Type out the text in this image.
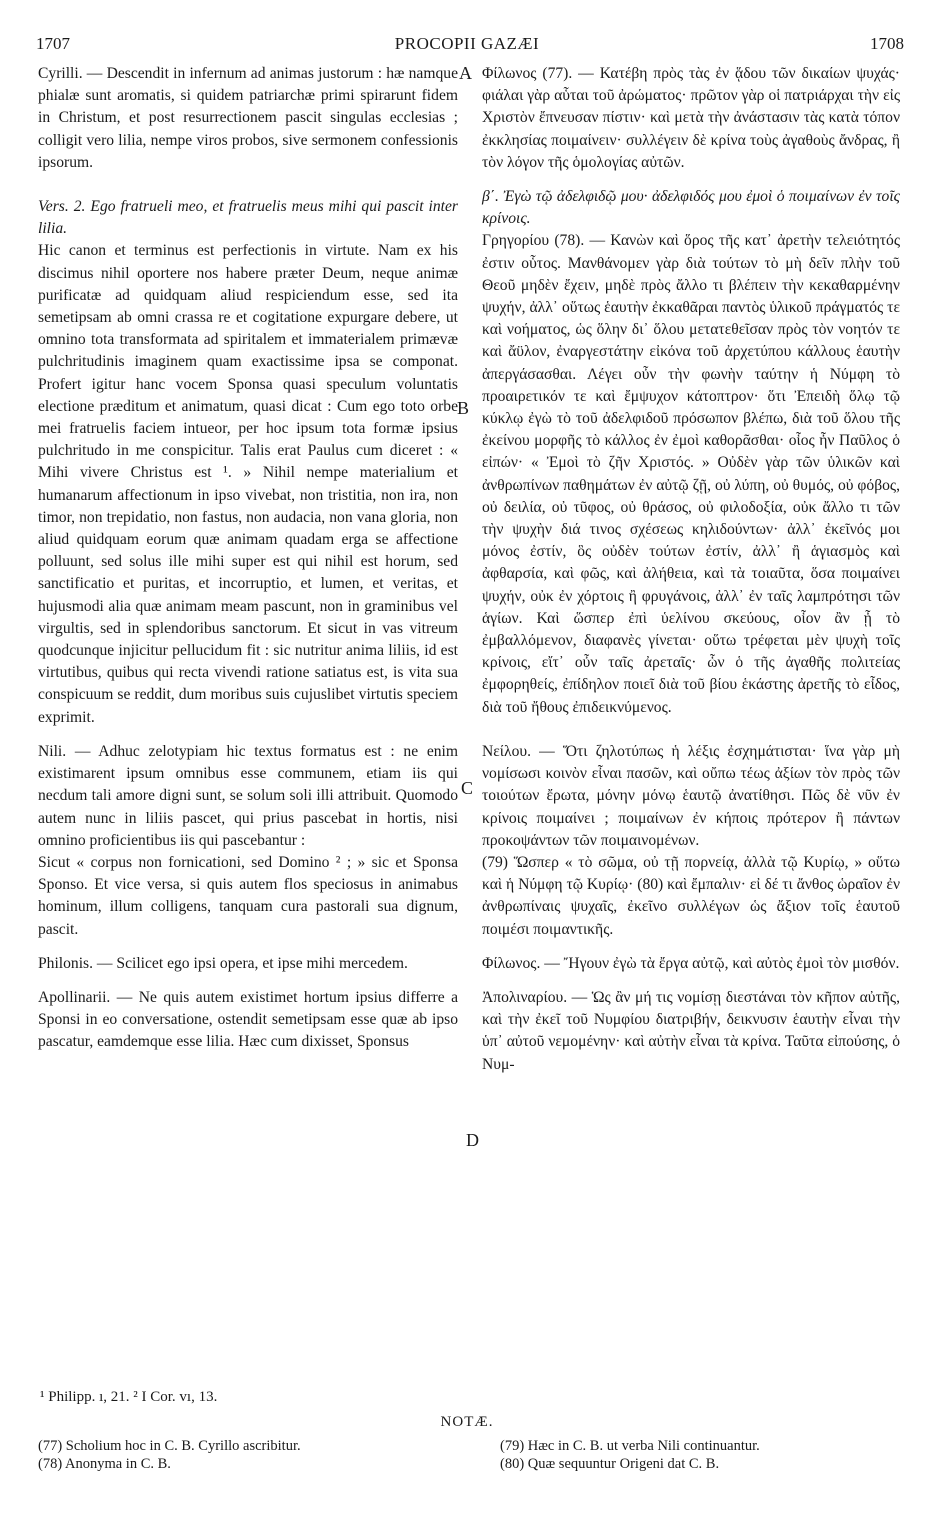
1707	PROCOPII GAZÆI	1708
A
B
C
D

Cyrilli. — Descendit in infernum ad animas justorum : hæ namque phialæ sunt aromatis, si quidem patriarchæ primi spirarunt fidem in Christum, et post resurrectionem pascit singulas ecclesias ; colligit vero lilia, nempe viros probos, sive sermonem confessionis ipsorum.

Vers. 2. Ego fratrueli meo, et fratruelis meus mihi qui pascit inter lilia.

Hic canon et terminus est perfectionis in virtute. Nam ex his discimus nihil oportere nos habere præter Deum, neque animæ purificatæ ad quidquam aliud respiciendum esse, sed ita semetipsam ab omni crassa re et cogitatione expurgare debere, ut omnino tota transformata ad spiritalem et immaterialem primævæ pulchritudinis imaginem quam exactissime ipsa se componat. Profert igitur hanc vocem Sponsa quasi speculum voluntatis electione præditum et animatum, quasi dicat : Cum ego toto orbe mei fratruelis faciem intueor, per hoc ipsum tota formæ ipsius pulchritudo in me conspicitur. Talis erat Paulus cum diceret : « Mihi vivere Christus est ¹. » Nihil nempe materialium et humanarum affectionum in ipso vivebat, non tristitia, non ira, non timor, non trepidatio, non fastus, non audacia, non vana gloria, non aliud quidquam eorum quæ animam quadam erga se affectione polluunt, sed solus ille mihi super est qui nihil est horum, sed sanctificatio et puritas, et incorruptio, et lumen, et veritas, et hujusmodi alia quæ animam meam pascunt, non in graminibus vel virgultis, sed in splendoribus sanctorum. Et sicut in vas vitreum quodcunque injicitur pellucidum fit : sic nutritur anima liliis, id est virtutibus, quibus qui recta vivendi ratione satiatus est, is vita sua conspicuum se reddit, dum moribus suis cujuslibet virtutis speciem exprimit.

Nili. — Adhuc zelotypiam hic textus formatus est : ne enim existimarent ipsum omnibus esse communem, etiam iis qui necdum tali amore digni sunt, se solum soli illi attribuit. Quomodo autem nunc in liliis pascet, qui prius pascebat in hortis, nisi omnino proficientibus iis qui pascebantur :

Sicut « corpus non fornicationi, sed Domino ² ; » sic et Sponsa Sponso. Et vice versa, si quis autem flos speciosus in animabus hominum, illum colligens, tanquam cura pastorali sua dignum, pascit.

Philonis. — Scilicet ego ipsi opera, et ipse mihi mercedem.

Apollinarii. — Ne quis autem existimet hortum ipsius differre a Sponsi in eo conversatione, ostendit semetipsam esse quæ ab ipso pascatur, eamdemque esse lilia. Hæc cum dixisset, Sponsus

Φίλωνος (77). — Κατέβη πρὸς τὰς ἐν ᾅδου τῶν δικαίων ψυχάς· φιάλαι γὰρ αὗται τοῦ ἀρώματος· πρῶτον γὰρ οἱ πατριάρχαι τὴν εἰς Χριστὸν ἔπνευσαν πίστιν· καὶ μετὰ τὴν ἀνάστασιν τὰς κατὰ τόπον ἐκκλησίας ποιμαίνειν· συλλέγειν δὲ κρίνα τοὺς ἀγαθοὺς ἄνδρας, ἢ τὸν λόγον τῆς ὁμολογίας αὐτῶν.

β΄. Ἐγὼ τῷ ἀδελφιδῷ μου· ἀδελφιδός μου ἐμοὶ ὁ ποιμαίνων ἐν τοῖς κρίνοις.

Γρηγορίου (78). — Κανὼν καὶ ὅρος τῆς κατ᾽ ἀρετὴν τελειότητός ἐστιν οὗτος. Μανθάνομεν γὰρ διὰ τούτων τὸ μὴ δεῖν πλὴν τοῦ Θεοῦ μηδὲν ἔχειν, μηδὲ πρὸς ἄλλο τι βλέπειν τὴν κεκαθαρμένην ψυχήν, ἀλλ᾽ οὕτως ἑαυτὴν ἐκκαθᾶραι παντὸς ὑλικοῦ πράγματός τε καὶ νοήματος, ὡς ὅλην δι᾽ ὅλου μετατεθεῖσαν πρὸς τὸν νοητόν τε καὶ ἄϋλον, ἐναργεστάτην εἰκόνα τοῦ ἀρχετύπου κάλλους ἑαυτὴν ἀπεργάσασθαι. Λέγει οὖν τὴν φωνὴν ταύτην ἡ Νύμφη τὸ προαιρετικόν τε καὶ ἔμψυχον κάτοπτρον· ὅτι Ἐπειδὴ ὅλῳ τῷ κύκλῳ ἐγὼ τὸ τοῦ ἀδελφιδοῦ πρόσωπον βλέπω, διὰ τοῦ ὅλου τῆς ἐκείνου μορφῆς τὸ κάλλος ἐν ἐμοὶ καθορᾶσθαι· οἷος ἦν Παῦλος ὁ εἰπών· « Ἐμοὶ τὸ ζῆν Χριστός. » Οὐδὲν γὰρ τῶν ὑλικῶν καὶ ἀνθρωπίνων παθημάτων ἐν αὐτῷ ζῇ, οὐ λύπη, οὐ θυμός, οὐ φόβος, οὐ δειλία, οὐ τῦφος, οὐ θράσος, οὐ φιλοδοξία, οὐκ ἄλλο τι τῶν τὴν ψυχὴν διά τινος σχέσεως κηλιδούντων· ἀλλ᾽ ἐκεῖνός μοι μόνος ἐστίν, ὃς οὐδὲν τούτων ἐστίν, ἀλλ᾽ ἢ ἁγιασμὸς καὶ ἀφθαρσία, καὶ φῶς, καὶ ἀλήθεια, καὶ τὰ τοιαῦτα, ὅσα ποιμαίνει ψυχήν, οὐκ ἐν χόρτοις ἢ φρυγάνοις, ἀλλ᾽ ἐν ταῖς λαμπρότησι τῶν ἁγίων. Καὶ ὥσπερ ἐπὶ ὑελίνου σκεύους, οἷον ἂν ᾖ τὸ ἐμβαλλόμενον, διαφανὲς γίνεται· οὕτω τρέφεται μὲν ψυχὴ τοῖς κρίνοις, εἴτ᾽ οὖν ταῖς ἀρεταῖς· ὧν ὁ τῆς ἀγαθῆς πολιτείας ἐμφορηθείς, ἐπίδηλον ποιεῖ διὰ τοῦ βίου ἑκάστης ἀρετῆς τὸ εἶδος, διὰ τοῦ ἤθους ἐπιδεικνύμενος.

Νείλου. — Ὅτι ζηλοτύπως ἡ λέξις ἐσχημάτισται· ἵνα γὰρ μὴ νομίσωσι κοινὸν εἶναι πασῶν, καὶ οὔπω τέως ἀξίων τὸν πρὸς τῶν τοιούτων ἔρωτα, μόνην μόνῳ ἑαυτῷ ἀνατίθησι. Πῶς δὲ νῦν ἐν κρίνοις ποιμαίνει ; ποιμαίνων ἐν κήποις πρότερον ἢ πάντων προκοψάντων τῶν ποιμαινομένων.

(79) Ὥσπερ « τὸ σῶμα, οὐ τῇ πορνείᾳ, ἀλλὰ τῷ Κυρίῳ, » οὕτω καὶ ἡ Νύμφη τῷ Κυρίῳ· (80) καὶ ἔμπαλιν· εἰ δέ τι ἄνθος ὡραῖον ἐν ἀνθρωπίναις ψυχαῖς, ἐκεῖνο συλλέγων ὡς ἄξιον τοῖς ἑαυτοῦ ποιμέσι ποιμαντικῆς.

Φίλωνος. — Ἤγουν ἐγὼ τὰ ἔργα αὐτῷ, καὶ αὐτὸς ἐμοὶ τὸν μισθόν.

Ἀπολιναρίου. — Ὡς ἂν μή τις νομίσῃ διεστάναι τὸν κῆπον αὐτῆς, καὶ τὴν ἐκεῖ τοῦ Νυμφίου διατριβήν, δεικνυσιν ἑαυτὴν εἶναι τὴν ὑπ᾽ αὐτοῦ νεμομένην· καὶ αὐτὴν εἶναι τὰ κρίνα. Ταῦτα εἰπούσης, ὁ Νυμ-

¹ Philipp. ı, 21. ² I Cor. vı, 13.
NOTÆ.
(77) Scholium hoc in C. B. Cyrillo ascribitur.
(78) Anonyma in C. B.
(79) Hæc in C. B. ut verba Nili continuantur.
(80) Quæ sequuntur Origeni dat C. B.
